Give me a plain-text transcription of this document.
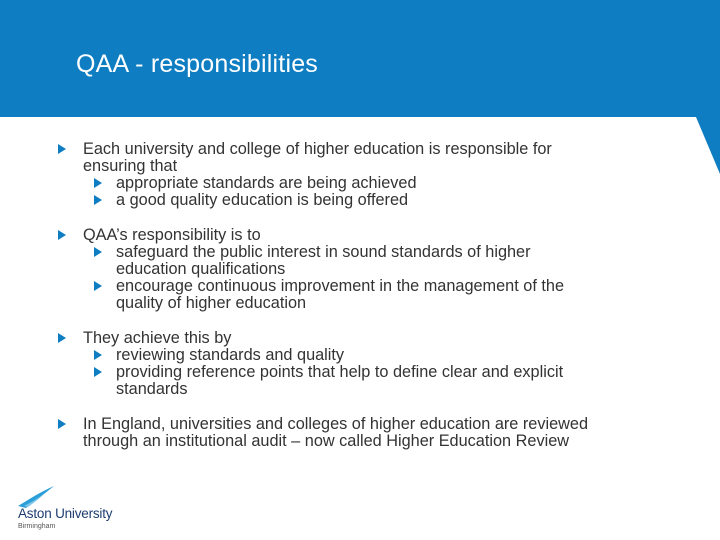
QAA - responsibilities
Each university and college of higher education is responsible for
ensuring that
appropriate standards are being achieved
a good quality education is being offered
QAA’s responsibility is to
safeguard the public interest in sound standards of higher
education qualifications
encourage continuous improvement in the management of the
quality of higher education
They achieve this by
reviewing standards and quality
providing reference points that help to define clear and explicit
standards
In England, universities and colleges of higher education are reviewed
through an institutional audit – now called Higher Education Review
Aston University
Birmingham
